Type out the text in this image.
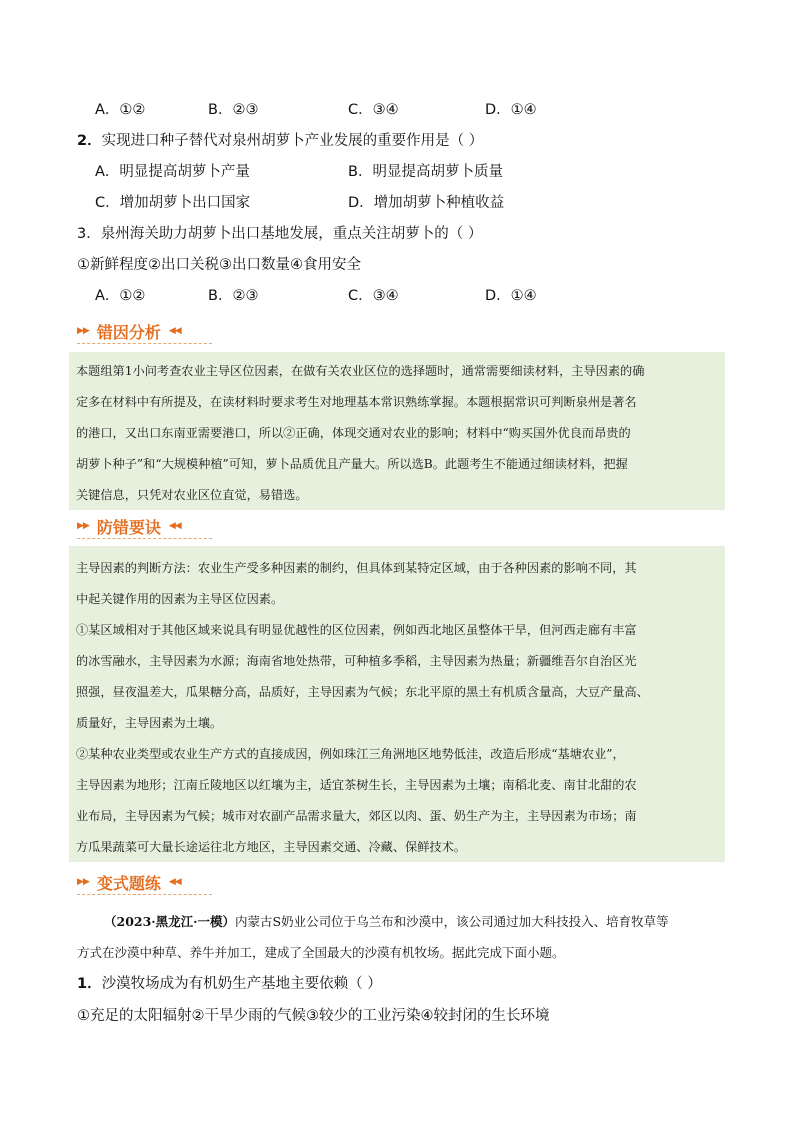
A．①②	B．②③	C．③④	D．①④
2．实现进口种子替代对泉州胡萝卜产业发展的重要作用是（ ）
A．明显提高胡萝卜产量	B．明显提高胡萝卜质量
C．增加胡萝卜出口国家	D．增加胡萝卜种植收益
3．泉州海关助力胡萝卜出口基地发展，重点关注胡萝卜的（ ）
①新鲜程度②出口关税③出口数量④食用安全
A．①②	B．②③	C．③④	D．①④
▶▶ 错因分析 ◀◀

本题组第1小问考查农业主导区位因素，在做有关农业区位的选择题时，通常需要细读材料，主导因素的确

定多在材料中有所提及，在读材料时要求考生对地理基本常识熟练掌握。本题根据常识可判断泉州是著名

的港口，又出口东南亚需要港口，所以②正确，体现交通对农业的影响；材料中“购买国外优良而昂贵的

胡萝卜种子”和“大规模种植”可知，萝卜品质优且产量大。所以选B。此题考生不能通过细读材料，把握

关键信息，只凭对农业区位直觉，易错选。

▶▶ 防错要诀 ◀◀

主导因素的判断方法：农业生产受多种因素的制约，但具体到某特定区域，由于各种因素的影响不同，其

中起关键作用的因素为主导区位因素。

①某区域相对于其他区域来说具有明显优越性的区位因素，例如西北地区虽整体干旱，但河西走廊有丰富

的冰雪融水，主导因素为水源；海南省地处热带，可种植多季稻，主导因素为热量；新疆维吾尔自治区光

照强，昼夜温差大，瓜果糖分高，品质好，主导因素为气候；东北平原的黑土有机质含量高，大豆产量高、

质量好，主导因素为土壤。

②某种农业类型或农业生产方式的直接成因，例如珠江三角洲地区地势低洼，改造后形成“基塘农业”，

主导因素为地形；江南丘陵地区以红壤为主，适宜茶树生长，主导因素为土壤；南稻北麦、南甘北甜的农

业布局，主导因素为气候；城市对农副产品需求量大，郊区以肉、蛋、奶生产为主，主导因素为市场；南

方瓜果蔬菜可大量长途运往北方地区，主导因素交通、冷藏、保鲜技术。

▶▶ 变式题练 ◀◀
（2023·黑龙江·一模）内蒙古S奶业公司位于乌兰布和沙漠中，该公司通过加大科技投入、培育牧草等
方式在沙漠中种草、养牛并加工，建成了全国最大的沙漠有机牧场。据此完成下面小题。
1．沙漠牧场成为有机奶生产基地主要依赖（ ）
①充足的太阳辐射②干旱少雨的气候③较少的工业污染④较封闭的生长环境
